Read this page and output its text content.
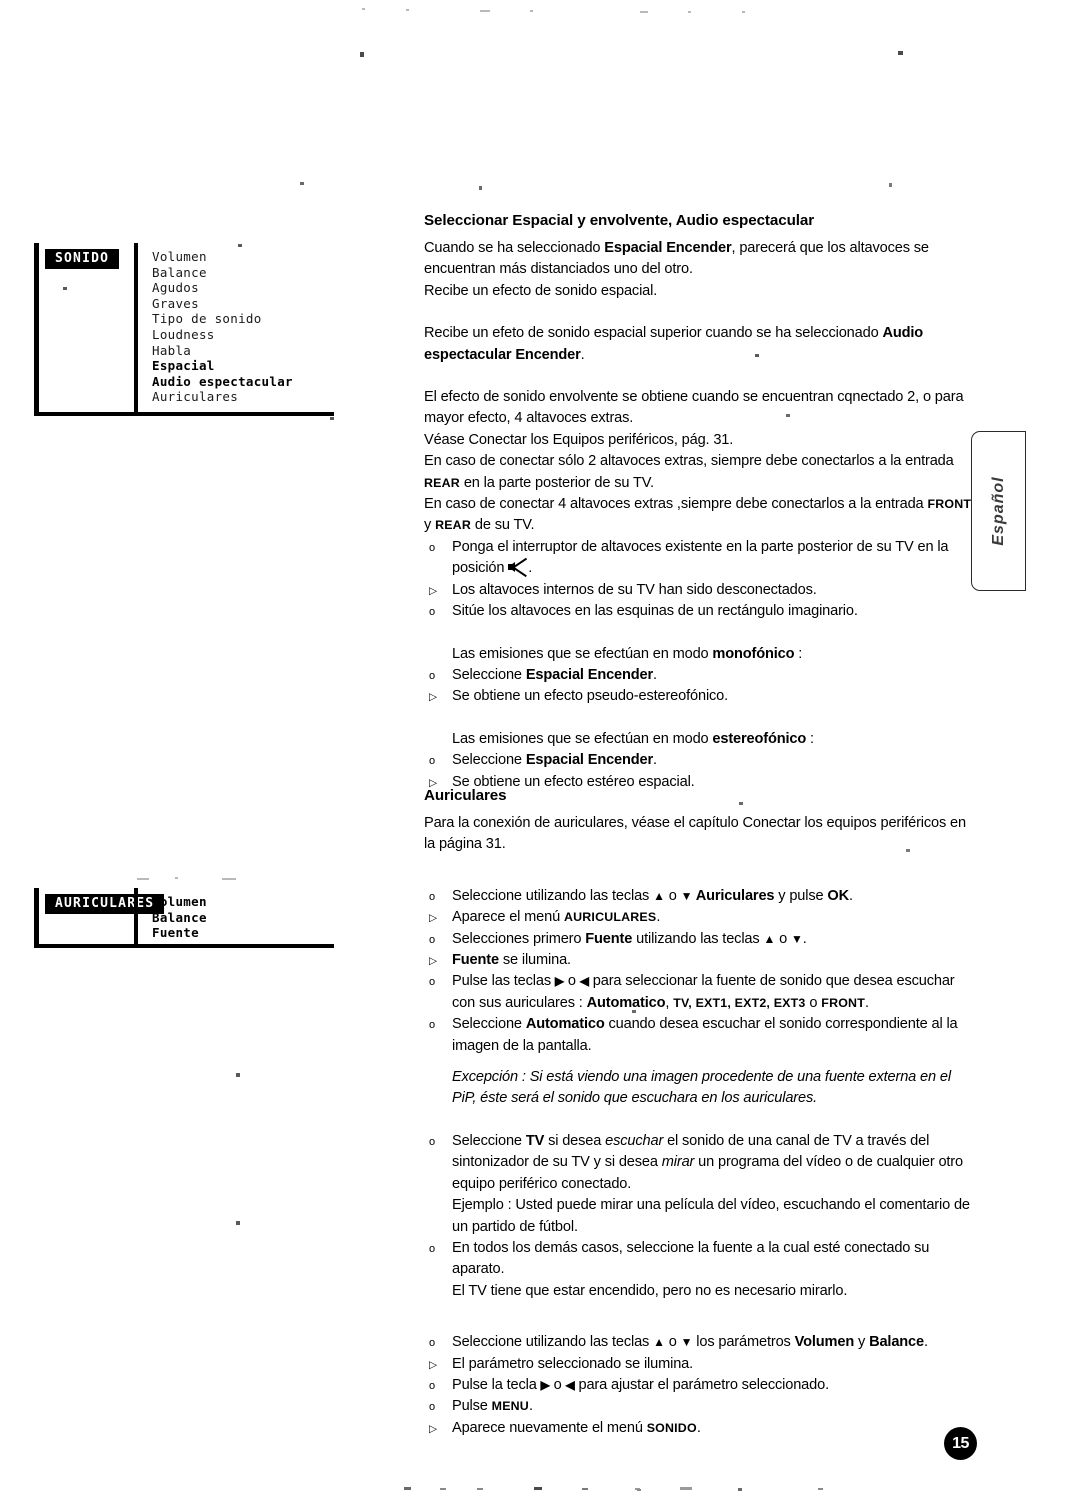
SONIDO	Volumen
Balance
Agudos
Graves
Tipo de sonido
Loudness
Habla
Espacial
Audio espectacular
Auriculares
AURICULARES
Volumen
Balance
Fuente
Seleccionar Espacial y envolvente, Audio espectacular
Cuando se ha seleccionado Espacial Encender, parecerá que los altavoces se encuentran más distanciados uno del otro.
Recibe un efecto de sonido espacial.
Recibe un efeto de sonido espacial superior cuando se ha seleccionado Audio espectacular Encender.
El efecto de sonido envolvente se obtiene cuando se encuentran cqnectado 2, o para mayor efecto, 4 altavoces extras.
Véase Conectar los Equipos periféricos, pág. 31.
En caso de conectar sólo 2 altavoces extras, siempre debe conectarlos a la entrada REAR en la parte posterior de su TV.
En caso de conectar 4 altavoces extras ,siempre debe conectarlos a la entrada FRONT y REAR de su TV.
o	Ponga el interruptor de altavoces existente en la parte posterior de su TV en la posición
.
▷	Los altavoces internos de su TV han sido desconectados.
o	Sitúe los altavoces en las esquinas de un rectángulo imaginario.
Las emisiones que se efectúan en modo monofónico :
o	Seleccione Espacial Encender.
▷	Se obtiene un efecto pseudo-estereofónico.
Las emisiones que se efectúan en modo estereofónico :
o	Seleccione Espacial Encender.
▷	Se obtiene un efecto estéreo espacial.
Auriculares
Para la conexión de auriculares, véase el capítulo Conectar los equipos periféricos en la página 31.
o	Seleccione utilizando las teclas ▲ o ▼ Auriculares y pulse OK.
▷	Aparece el menú AURICULARES.
o	Selecciones primero Fuente utilizando las teclas ▲ o ▼.
▷	Fuente se ilumina.
o	Pulse las teclas ▶ o ◀ para seleccionar la fuente de sonido que desea escuchar con sus auriculares : Automatico, TV, EXT1, EXT2, EXT3 o FRONT.
o	Seleccione Automatico cuando desea escuchar el sonido correspondiente al la imagen de la pantalla.
Excepción : Si está viendo una imagen procedente de una fuente externa en el PiP, éste será el sonido que escuchara en los auriculares.
o	Seleccione TV si desea escuchar el sonido de una canal de TV a través del sintonizador de su TV y si desea mirar un programa del vídeo o de cualquier otro equipo periférico conectado.
Ejemplo : Usted puede mirar una película del vídeo, escuchando el comentario de un partido de fútbol.
o	En todos los demás casos, seleccione la fuente a la cual esté conectado su aparato.
El TV tiene que estar encendido, pero no es necesario mirarlo.
o	Seleccione utilizando las teclas ▲ o ▼ los parámetros Volumen y Balance.
▷	El parámetro seleccionado se ilumina.
o	Pulse la tecla ▶ o ◀ para ajustar el parámetro seleccionado.
o	Pulse MENU.
▷	Aparece nuevamente el menú SONIDO.
Español
15
